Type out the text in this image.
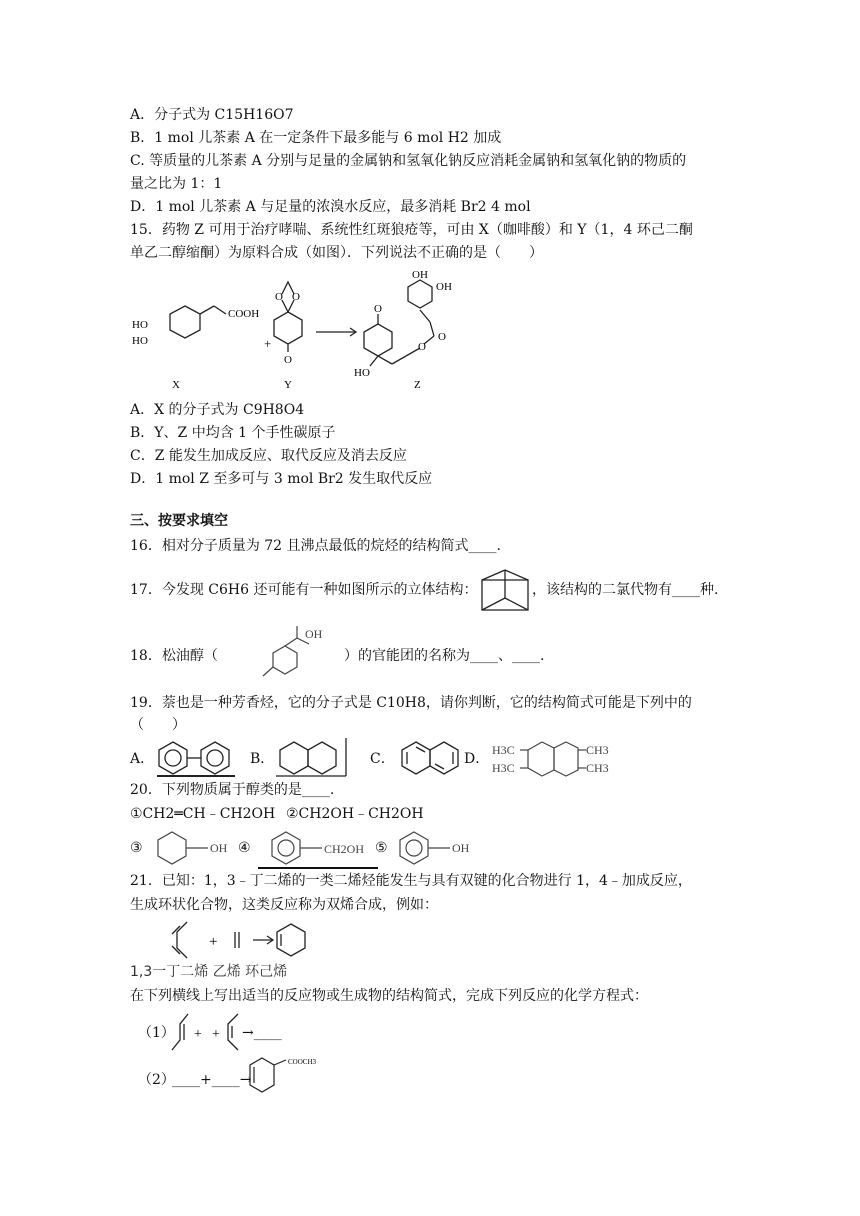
A．分子式为 C15H16O7
B．1 mol 儿茶素 A 在一定条件下最多能与 6 mol H2 加成
C. 等质量的儿茶素 A 分别与足量的金属钠和氢氧化钠反应消耗金属钠和氢氧化钠的物质的
量之比为 1：1
D．1 mol 儿茶素 A 与足量的浓溴水反应，最多消耗 Br2 4 mol
15．药物 Z 可用于治疗哮喘、系统性红斑狼疮等，可由 X（咖啡酸）和 Y（1，4 环己二酮
单乙二醇缩酮）为原料合成（如图）．下列说法不正确的是（　　）
COOH
HO
HO
X
+
O O
O
Y
O
HO
O
O
OH
OH
Z
A．X 的分子式为 C9H8O4
B．Y、Z 中均含 1 个手性碳原子
C．Z 能发生加成反应、取代反应及消去反应
D．1 mol Z 至多可与 3 mol Br2 发生取代反应
三、按要求填空
16．相对分子质量为 72 且沸点最低的烷烃的结构简式____.
17．今发现 C6H6 还可能有一种如图所示的立体结构：	，该结构的二氯代物有____种.
18．松油醇（
OH
）的官能团的名称为____、____.
19．萘也是一种芳香烃，它的分子式是 C10H8，请你判断，它的结构简式可能是下列中的
（　　）
A．	B．	C．	D．
H3C
H3C
CH3
CH3
20．下列物质属于醇类的是____.
①CH2═CH﹣CH2OH ②CH2OH﹣CH2OH
③	OH ④	CH2OH ⑤	OH
21．已知：1，3﹣丁二烯的一类二烯烃能发生与具有双键的化合物进行 1，4﹣加成反应，
生成环状化合物，这类反应称为双烯合成，例如：
+
1,3一丁二烯 乙烯 环己烯
在下列横线上写出适当的反应物或生成物的结构简式，完成下列反应的化学方程式：
（1） + + →____
（2）
____+____→
COOCH3
